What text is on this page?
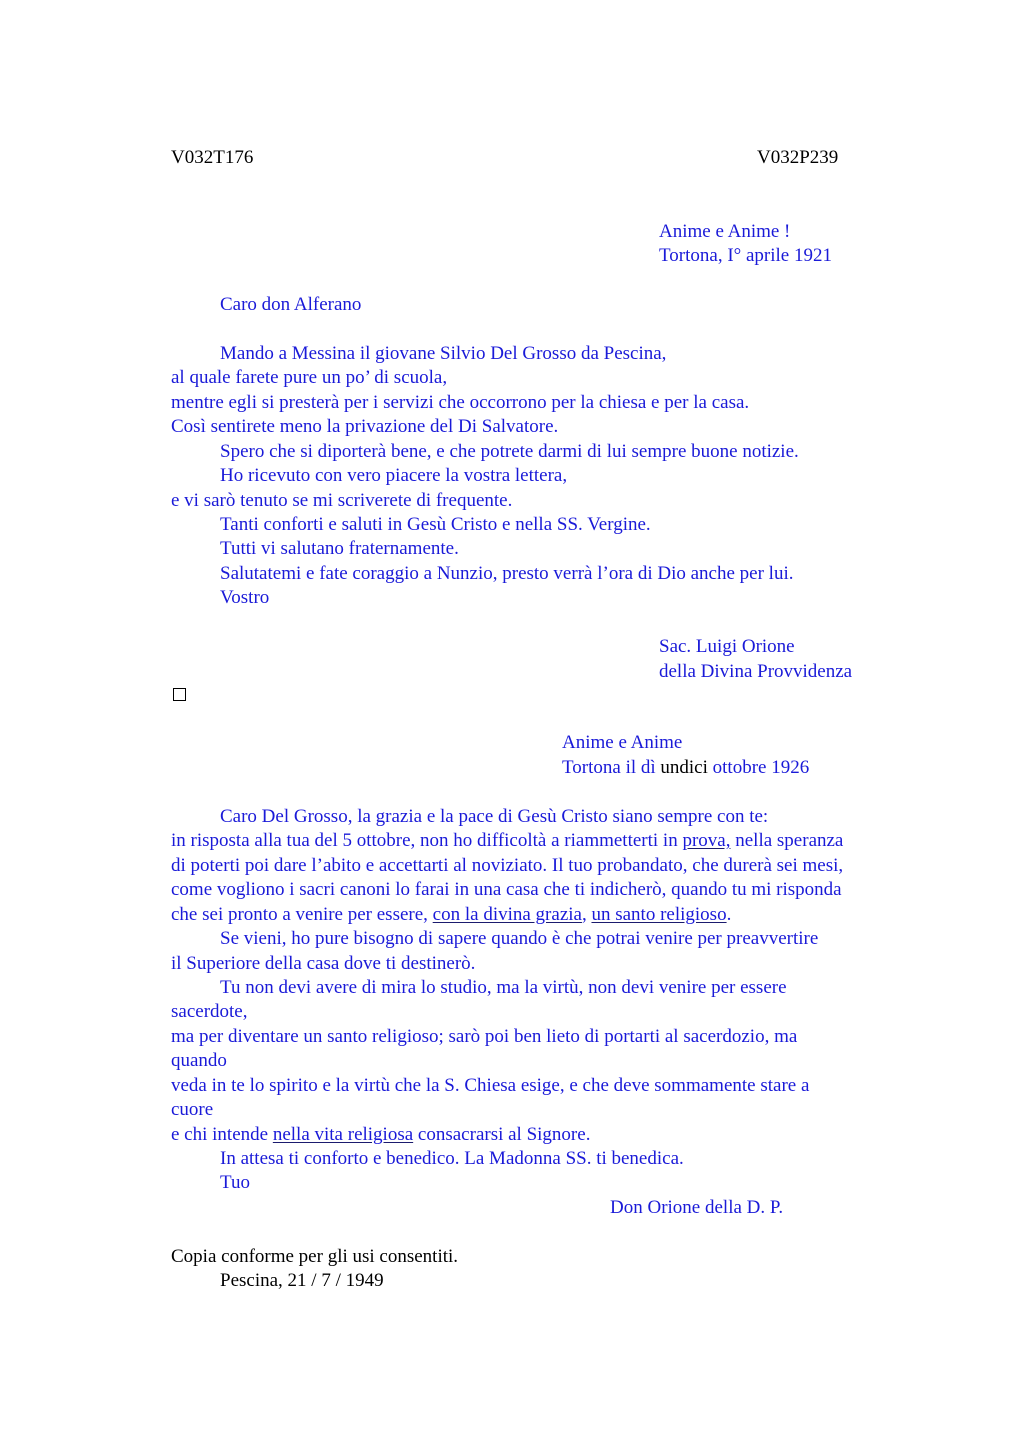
V032T176	V032P239
Anime e Anime !
Tortona, I° aprile 1921
Caro don Alferano
Mando a Messina il giovane Silvio Del Grosso da Pescina,
al quale farete pure un po’ di scuola,
mentre egli si presterà per i servizi che occorrono per la chiesa e per la casa.
Così sentirete meno la privazione del Di Salvatore.
Spero che si diporterà bene, e che potrete darmi di lui sempre buone notizie.
Ho ricevuto con vero piacere la vostra lettera,
e vi sarò tenuto se mi scriverete di frequente.
Tanti conforti e saluti in Gesù Cristo e nella SS. Vergine.
Tutti vi salutano fraternamente.
Salutatemi e fate coraggio a Nunzio, presto verrà l’ora di Dio anche per lui.
Vostro
Sac. Luigi Orione
della Divina Provvidenza
Anime e Anime
Tortona il dì undici ottobre 1926
Caro Del Grosso, la grazia e la pace di Gesù Cristo siano sempre con te:
in risposta alla tua del 5 ottobre, non ho difficoltà a riammetterti in prova, nella speranza
di poterti poi dare l’abito e accettarti al noviziato. Il tuo probandato, che durerà sei mesi,
come vogliono i sacri canoni lo farai in una casa che ti indicherò, quando tu mi risponda
che sei pronto a venire per essere, con la divina grazia, un santo religioso.
Se vieni, ho pure bisogno di sapere quando è che potrai venire per preavvertire
il Superiore della casa dove ti destinerò.
Tu non devi avere di mira lo studio, ma la virtù, non devi venire per essere
sacerdote,
ma per diventare un santo religioso; sarò poi ben lieto di portarti al sacerdozio, ma
quando
veda in te lo spirito e la virtù che la S. Chiesa esige, e che deve sommamente stare a
cuore
e chi intende nella vita religiosa consacrarsi al Signore.
In attesa ti conforto e benedico. La Madonna SS. ti benedica.
Tuo
Don Orione della D. P.
Copia conforme per gli usi consentiti.
Pescina, 21 / 7 / 1949
